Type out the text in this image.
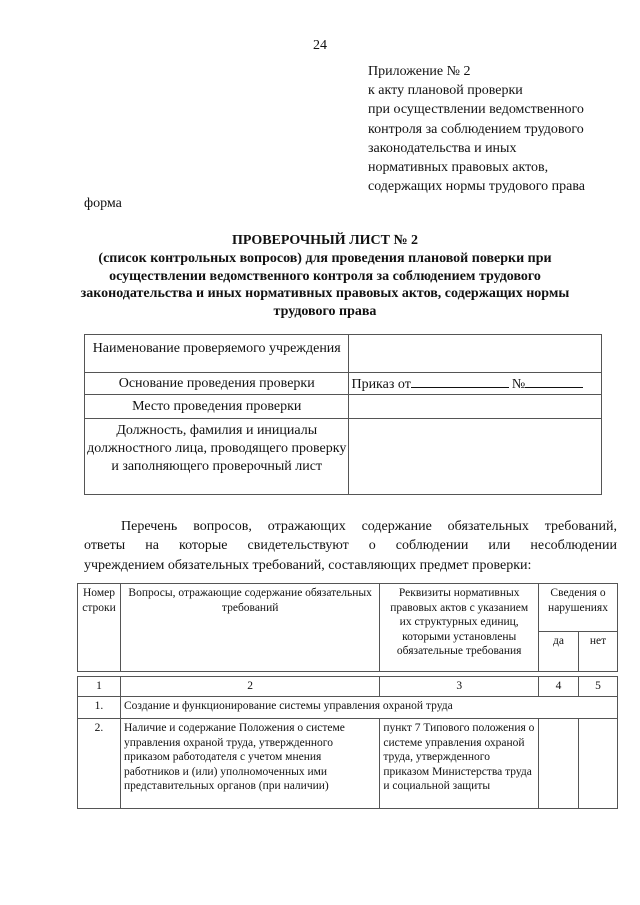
24
Приложение № 2
к акту плановой проверки
при осуществлении ведомственного
контроля за соблюдением трудового
законодательства и иных
нормативных правовых актов,
содержащих нормы трудового права
форма
ПРОВЕРОЧНЫЙ ЛИСТ № 2
(список контрольных вопросов) для проведения плановой поверки при
осуществлении ведомственного контроля за соблюдением трудового
законодательства и иных нормативных правовых актов, содержащих нормы
трудового права
Наименование проверяемого учреждения	
Основание проведения проверки	Приказ от №
Место проведения проверки	
Должность, фамилия и инициалы должностного лица, проводящего проверку и заполняющего проверочный лист	
Перечень вопросов, отражающих содержание обязательных требований,
ответы на которые свидетельствуют о соблюдении или несоблюдении
учреждением обязательных требований, составляющих предмет проверки:
Номер строки	Вопросы, отражающие содержание обязательных требований	Реквизиты нормативных правовых актов с указанием их структурных единиц, которыми установлены обязательные требования	Сведения о нарушениях	
			да	нет

1	2	3	4	5
1.	Создание и функционирование системы управления охраной труда			
2.	Наличие и содержание Положения о системе управления охраной труда, утвержденного приказом работодателя с учетом мнения работников и (или) уполномоченных ими представительных органов (при наличии)	пункт 7 Типового положения о системе управления охраной труда, утвержденного приказом Министерства труда и социальной защиты		
